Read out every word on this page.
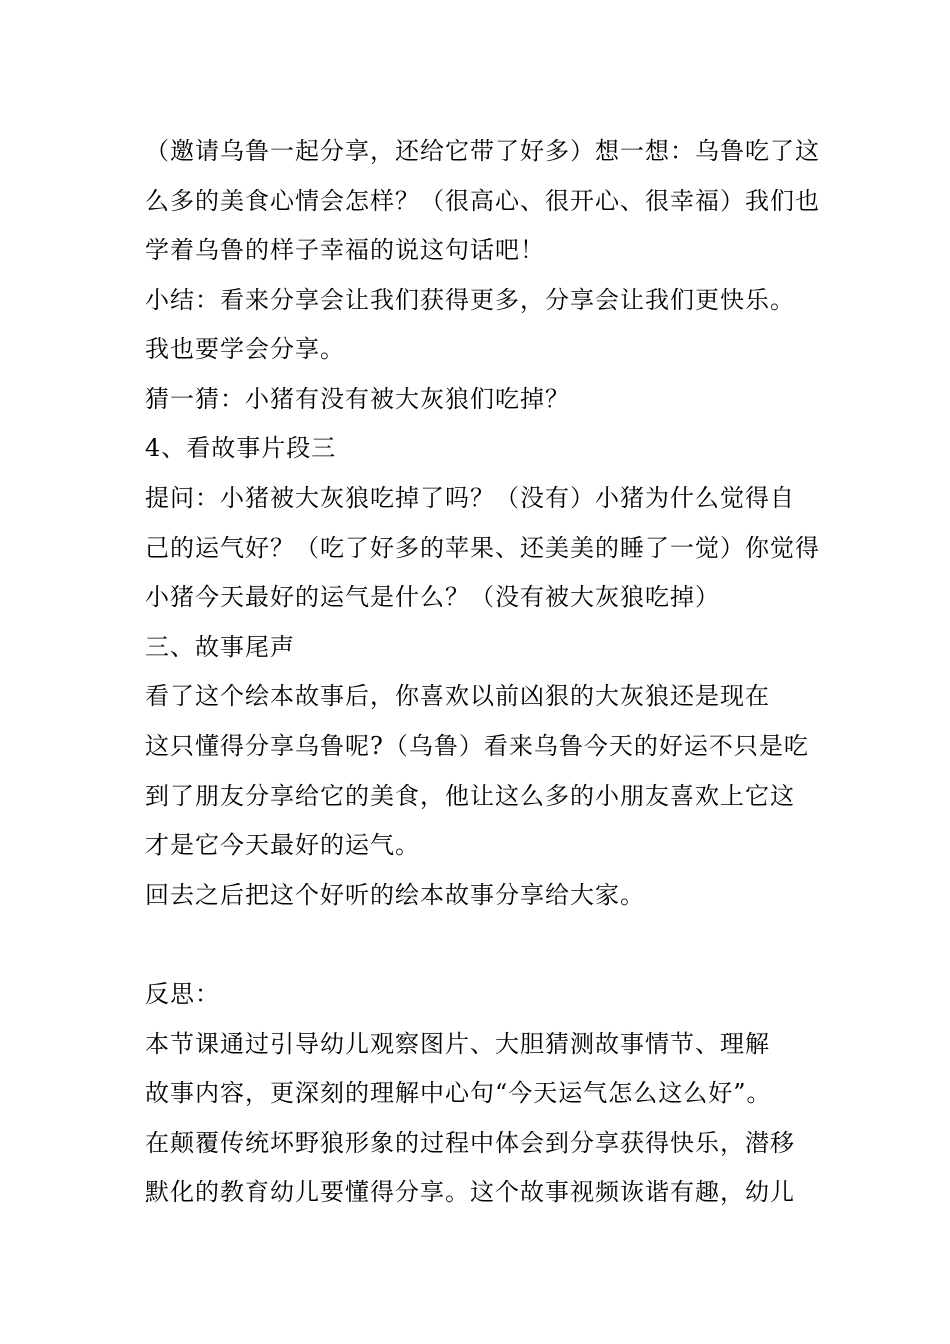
（邀请乌鲁一起分享，还给它带了好多）想一想：乌鲁吃了这
么多的美食心情会怎样？（很高心、很开心、很幸福）我们也
学着乌鲁的样子幸福的说这句话吧！
小结：看来分享会让我们获得更多，分享会让我们更快乐。
我也要学会分享。
猜一猜：小猪有没有被大灰狼们吃掉？
4、看故事片段三
提问：小猪被大灰狼吃掉了吗？（没有）小猪为什么觉得自
己的运气好？（吃了好多的苹果、还美美的睡了一觉）你觉得
小猪今天最好的运气是什么？（没有被大灰狼吃掉）
三、故事尾声
看了这个绘本故事后，你喜欢以前凶狠的大灰狼还是现在
这只懂得分享乌鲁呢?（乌鲁）看来乌鲁今天的好运不只是吃
到了朋友分享给它的美食，他让这么多的小朋友喜欢上它这
才是它今天最好的运气。
回去之后把这个好听的绘本故事分享给大家。
反思：
本节课通过引导幼儿观察图片、大胆猜测故事情节、理解
故事内容，更深刻的理解中心句“今天运气怎么这么好”。
在颠覆传统坏野狼形象的过程中体会到分享获得快乐，潜移
默化的教育幼儿要懂得分享。这个故事视频诙谐有趣，幼儿
